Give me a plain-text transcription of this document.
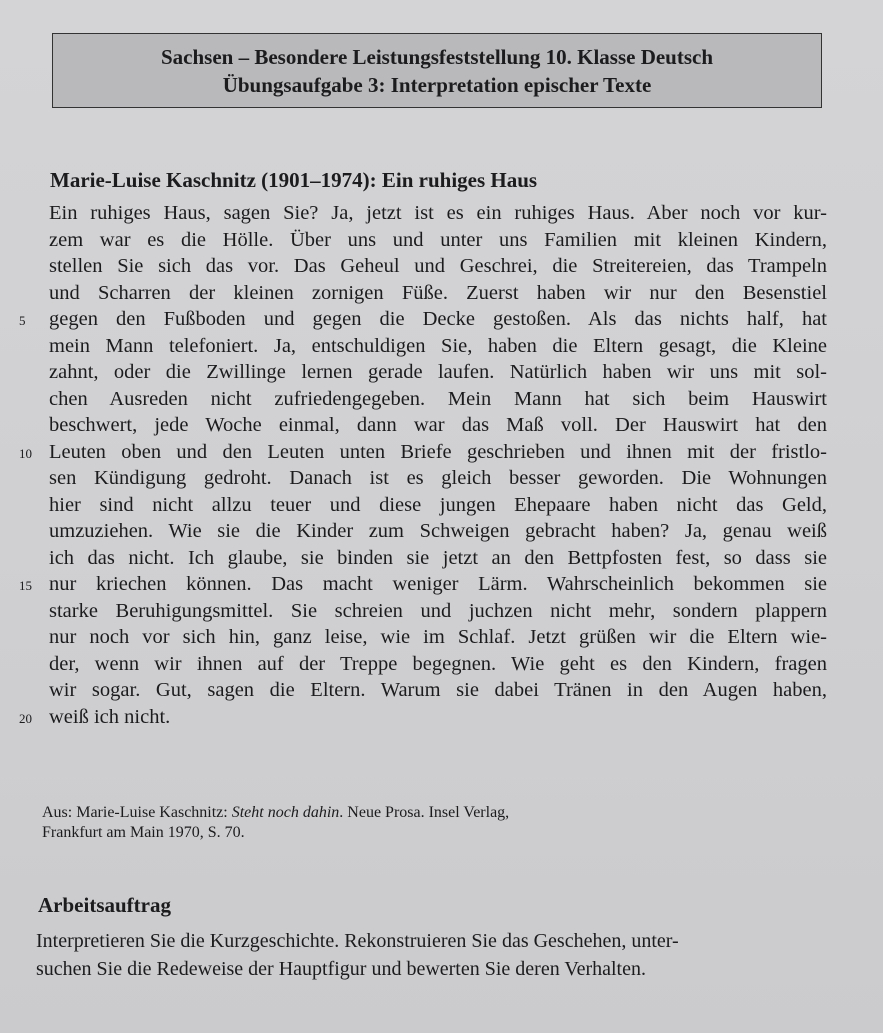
Sachsen – Besondere Leistungsfeststellung 10. Klasse Deutsch
Übungsaufgabe 3: Interpretation epischer Texte
Marie-Luise Kaschnitz (1901–1974): Ein ruhiges Haus
Ein ruhiges Haus, sagen Sie? Ja, jetzt ist es ein ruhiges Haus. Aber noch vor kur-
zem war es die Hölle. Über uns und unter uns Familien mit kleinen Kindern,
stellen Sie sich das vor. Das Geheul und Geschrei, die Streitereien, das Trampeln
und Scharren der kleinen zornigen Füße. Zuerst haben wir nur den Besenstiel
5	gegen den Fußboden und gegen die Decke gestoßen. Als das nichts half, hat
mein Mann telefoniert. Ja, entschuldigen Sie, haben die Eltern gesagt, die Kleine
zahnt, oder die Zwillinge lernen gerade laufen. Natürlich haben wir uns mit sol-
chen Ausreden nicht zufriedengegeben. Mein Mann hat sich beim Hauswirt
beschwert, jede Woche einmal, dann war das Maß voll. Der Hauswirt hat den
10 Leuten oben und den Leuten unten Briefe geschrieben und ihnen mit der fristlo-
sen Kündigung gedroht. Danach ist es gleich besser geworden. Die Wohnungen
hier sind nicht allzu teuer und diese jungen Ehepaare haben nicht das Geld,
umzuziehen. Wie sie die Kinder zum Schweigen gebracht haben? Ja, genau weiß
ich das nicht. Ich glaube, sie binden sie jetzt an den Bettpfosten fest, so dass sie
15 nur kriechen können. Das macht weniger Lärm. Wahrscheinlich bekommen sie
starke Beruhigungsmittel. Sie schreien und juchzen nicht mehr, sondern plappern
nur noch vor sich hin, ganz leise, wie im Schlaf. Jetzt grüßen wir die Eltern wie-
der, wenn wir ihnen auf der Treppe begegnen. Wie geht es den Kindern, fragen
wir sogar. Gut, sagen die Eltern. Warum sie dabei Tränen in den Augen haben,
20 weiß ich nicht.
Aus: Marie-Luise Kaschnitz: Steht noch dahin. Neue Prosa. Insel Verlag,
Frankfurt am Main 1970, S. 70.
Arbeitsauftrag
Interpretieren Sie die Kurzgeschichte. Rekonstruieren Sie das Geschehen, unter-
suchen Sie die Redeweise der Hauptfigur und bewerten Sie deren Verhalten.
